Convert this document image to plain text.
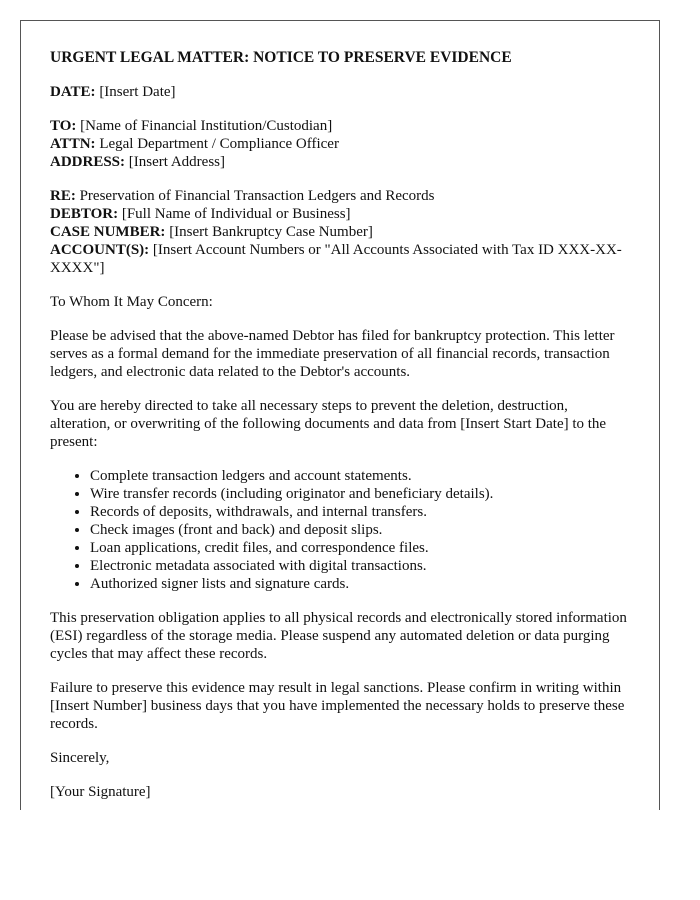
URGENT LEGAL MATTER: NOTICE TO PRESERVE EVIDENCE
DATE: [Insert Date]
TO: [Name of Financial Institution/Custodian]
ATTN: Legal Department / Compliance Officer
ADDRESS: [Insert Address]
RE: Preservation of Financial Transaction Ledgers and Records
DEBTOR: [Full Name of Individual or Business]
CASE NUMBER: [Insert Bankruptcy Case Number]
ACCOUNT(S): [Insert Account Numbers or "All Accounts Associated with Tax ID XXX-XX-XXXX"]

To Whom It May Concern:

Please be advised that the above-named Debtor has filed for bankruptcy protection. This letter serves as a formal demand for the immediate preservation of all financial records, transaction ledgers, and electronic data related to the Debtor's accounts.

You are hereby directed to take all necessary steps to prevent the deletion, destruction, alteration, or overwriting of the following documents and data from [Insert Start Date] to the present:

• Complete transaction ledgers and account statements.
• Wire transfer records (including originator and beneficiary details).
• Records of deposits, withdrawals, and internal transfers.
• Check images (front and back) and deposit slips.
• Loan applications, credit files, and correspondence files.
• Electronic metadata associated with digital transactions.
• Authorized signer lists and signature cards.

This preservation obligation applies to all physical records and electronically stored information (ESI) regardless of the storage media. Please suspend any automated deletion or data purging cycles that may affect these records.

Failure to preserve this evidence may result in legal sanctions. Please confirm in writing within [Insert Number] business days that you have implemented the necessary holds to preserve these records.

Sincerely,

[Your Signature]
